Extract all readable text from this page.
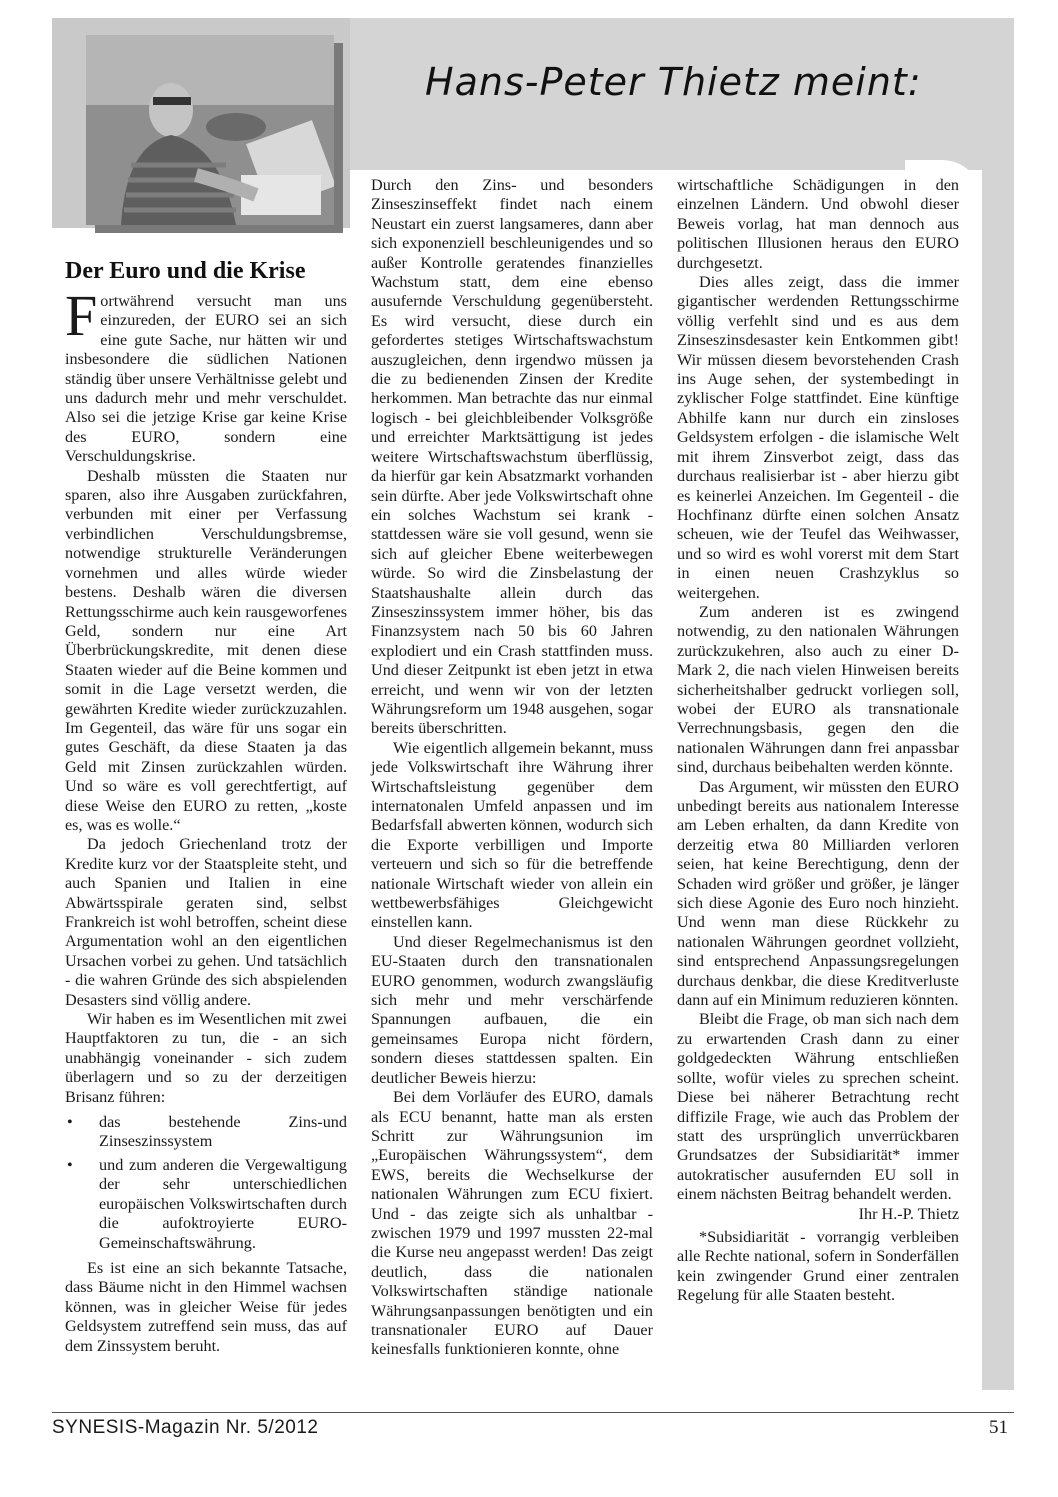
Hans-Peter Thietz meint:
Der Euro und die Krise

Fortwährend versucht man uns einzureden, der EURO sei an sich eine gute Sache, nur hätten wir und insbesondere die südlichen Nationen ständig über unsere Verhältnisse gelebt und uns dadurch mehr und mehr verschuldet. Also sei die jetzige Krise gar keine Krise des EURO, sondern eine Verschuldungskrise.

Deshalb müssten die Staaten nur sparen, also ihre Ausgaben zurückfahren, verbunden mit einer per Verfassung verbindlichen Verschuldungsbremse, notwendige strukturelle Veränderungen vornehmen und alles würde wieder bestens. Deshalb wären die diversen Rettungsschirme auch kein rausgeworfenes Geld, sondern nur eine Art Überbrückungskredite, mit denen diese Staaten wieder auf die Beine kommen und somit in die Lage versetzt werden, die gewährten Kredite wieder zurückzuzahlen. Im Gegenteil, das wäre für uns sogar ein gutes Geschäft, da diese Staaten ja das Geld mit Zinsen zurückzahlen würden. Und so wäre es voll gerechtfertigt, auf diese Weise den EURO zu retten, „koste es, was es wolle.“

Da jedoch Griechenland trotz der Kredite kurz vor der Staatspleite steht, und auch Spanien und Italien in eine Abwärtsspirale geraten sind, selbst Frankreich ist wohl betroffen, scheint diese Argumentation wohl an den eigentlichen Ursachen vorbei zu gehen. Und tatsächlich - die wahren Gründe des sich abspielenden Desasters sind völlig andere.

Wir haben es im Wesentlichen mit zwei Hauptfaktoren zu tun, die - an sich unabhängig voneinander - sich zudem überlagern und so zu der derzeitigen Brisanz führen:

• das bestehende Zins-und Zinseszinssystem
• und zum anderen die Vergewaltigung der sehr unterschiedlichen europäischen Volkswirtschaften durch die aufoktroyierte EURO-Gemeinschaftswährung.

Es ist eine an sich bekannte Tatsache, dass Bäume nicht in den Himmel wachsen können, was in gleicher Weise für jedes Geldsystem zutreffend sein muss, das auf dem Zinssystem beruht.

Durch den Zins- und besonders Zinseszinseffekt findet nach einem Neustart ein zuerst langsameres, dann aber sich exponenziell beschleunigendes und so außer Kontrolle geratendes finanzielles Wachstum statt, dem eine ebenso ausufernde Verschuldung gegenübersteht. Es wird versucht, diese durch ein gefordertes stetiges Wirtschaftswachstum auszugleichen, denn irgendwo müssen ja die zu bedienenden Zinsen der Kredite herkommen. Man betrachte das nur einmal logisch - bei gleichbleibender Volksgröße und erreichter Marktsättigung ist jedes weitere Wirtschaftswachstum überflüssig, da hierfür gar kein Absatzmarkt vorhanden sein dürfte. Aber jede Volkswirtschaft ohne ein solches Wachstum sei krank - stattdessen wäre sie voll gesund, wenn sie sich auf gleicher Ebene weiterbewegen würde. So wird die Zinsbelastung der Staatshaushalte allein durch das Zinseszinssystem immer höher, bis das Finanzsystem nach 50 bis 60 Jahren explodiert und ein Crash stattfinden muss. Und dieser Zeitpunkt ist eben jetzt in etwa erreicht, und wenn wir von der letzten Währungsreform um 1948 ausgehen, sogar bereits überschritten.

Wie eigentlich allgemein bekannt, muss jede Volkswirtschaft ihre Währung ihrer Wirtschaftsleistung gegenüber dem internatonalen Umfeld anpassen und im Bedarfsfall abwerten können, wodurch sich die Exporte verbilligen und Importe verteuern und sich so für die betreffende nationale Wirtschaft wieder von allein ein wettbewerbsfähiges Gleichgewicht einstellen kann.

Und dieser Regelmechanismus ist den EU-Staaten durch den transnationalen EURO genommen, wodurch zwangsläufig sich mehr und mehr verschärfende Spannungen aufbauen, die ein gemeinsames Europa nicht fördern, sondern dieses stattdessen spalten. Ein deutlicher Beweis hierzu:

Bei dem Vorläufer des EURO, damals als ECU benannt, hatte man als ersten Schritt zur Währungsunion im „Europäischen Währungssystem“, dem EWS, bereits die Wechselkurse der nationalen Währungen zum ECU fixiert. Und - das zeigte sich als unhaltbar - zwischen 1979 und 1997 mussten 22-mal die Kurse neu angepasst werden! Das zeigt deutlich, dass die nationalen Volkswirtschaften ständige nationale Währungsanpassungen benötigten und ein transnationaler EURO auf Dauer keinesfalls funktionieren konnte, ohne

wirtschaftliche Schädigungen in den einzelnen Ländern. Und obwohl dieser Beweis vorlag, hat man dennoch aus politischen Illusionen heraus den EURO durchgesetzt.

Dies alles zeigt, dass die immer gigantischer werdenden Rettungsschirme völlig verfehlt sind und es aus dem Zinseszinsdesaster kein Entkommen gibt! Wir müssen diesem bevorstehenden Crash ins Auge sehen, der systembedingt in zyklischer Folge stattfindet. Eine künftige Abhilfe kann nur durch ein zinsloses Geldsystem erfolgen - die islamische Welt mit ihrem Zinsverbot zeigt, dass das durchaus realisierbar ist - aber hierzu gibt es keinerlei Anzeichen. Im Gegenteil - die Hochfinanz dürfte einen solchen Ansatz scheuen, wie der Teufel das Weihwasser, und so wird es wohl vorerst mit dem Start in einen neuen Crashzyklus so weitergehen.

Zum anderen ist es zwingend notwendig, zu den nationalen Währungen zurückzukehren, also auch zu einer D-Mark 2, die nach vielen Hinweisen bereits sicherheitshalber gedruckt vorliegen soll, wobei der EURO als transnationale Verrechnungsbasis, gegen den die nationalen Währungen dann frei anpassbar sind, durchaus beibehalten werden könnte.

Das Argument, wir müssten den EURO unbedingt bereits aus nationalem Interesse am Leben erhalten, da dann Kredite von derzeitig etwa 80 Milliarden verloren seien, hat keine Berechtigung, denn der Schaden wird größer und größer, je länger sich diese Agonie des Euro noch hinzieht. Und wenn man diese Rückkehr zu nationalen Währungen geordnet vollzieht, sind entsprechend Anpassungsregelungen durchaus denkbar, die diese Kreditverluste dann auf ein Minimum reduzieren könnten.

Bleibt die Frage, ob man sich nach dem zu erwartenden Crash dann zu einer goldgedeckten Währung entschließen sollte, wofür vieles zu sprechen scheint. Diese bei näherer Betrachtung recht diffizile Frage, wie auch das Problem der statt des ursprünglich unverrückbaren Grundsatzes der Subsidiarität* immer autokratischer ausufernden EU soll in einem nächsten Beitrag behandelt werden.

Ihr H.-P. Thietz

*Subsidiarität - vorrangig verbleiben alle Rechte national, sofern in Sonderfällen kein zwingender Grund einer zentralen Regelung für alle Staaten besteht.

SYNESIS-Magazin Nr. 5/2012	51
